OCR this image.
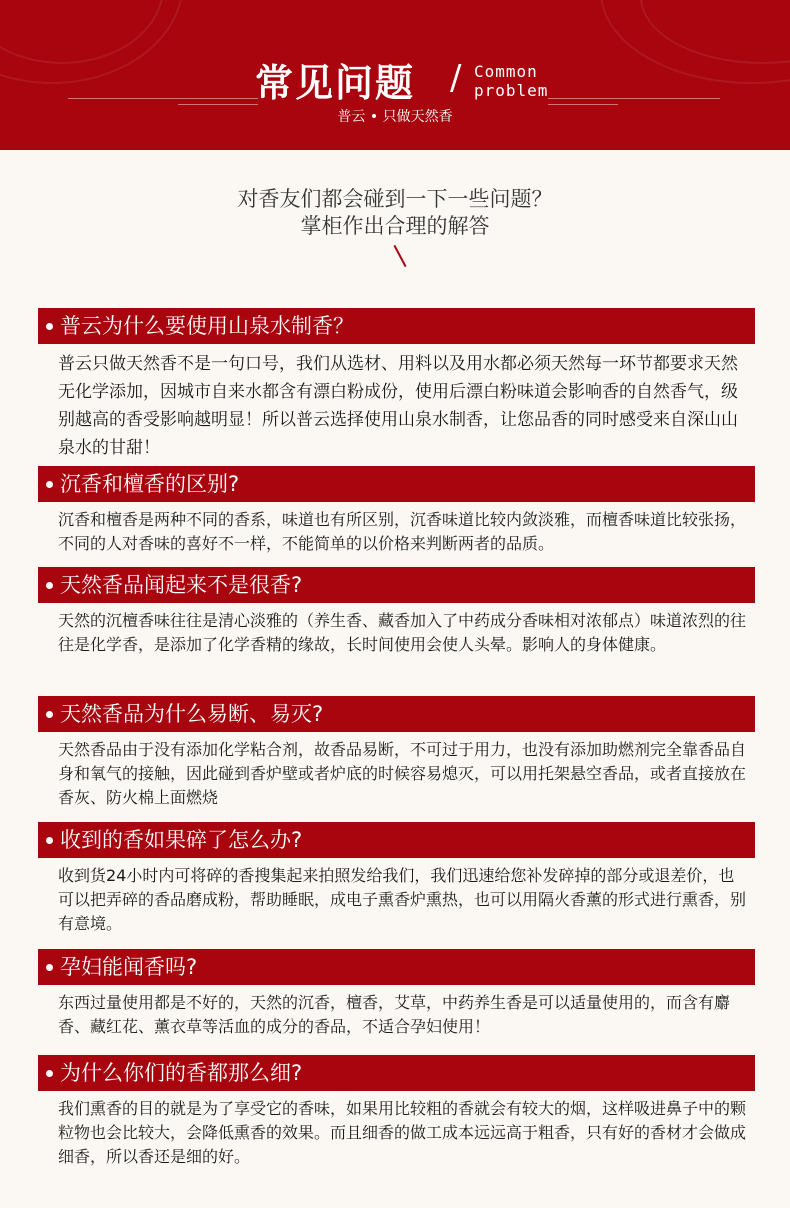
常见问题 / Common
problem
普云 • 只做天然香
对香友们都会碰到一下一些问题？
掌柜作出合理的解答
普云为什么要使用山泉水制香？
普云只做天然香不是一句口号，我们从选材、用料以及用水都必须天然每一环节都要求天然无化学添加，因城市自来水都含有漂白粉成份，使用后漂白粉味道会影响香的自然香气，级别越高的香受影响越明显！所以普云选择使用山泉水制香，让您品香的同时感受来自深山山泉水的甘甜！
沉香和檀香的区别?
沉香和檀香是两种不同的香系，味道也有所区别，沉香味道比较内敛淡雅，而檀香味道比较张扬，不同的人对香味的喜好不一样，不能简单的以价格来判断两者的品质。
天然香品闻起来不是很香?
天然的沉檀香味往往是清心淡雅的（养生香、藏香加入了中药成分香味相对浓郁点）味道浓烈的往往是化学香，是添加了化学香精的缘故，长时间使用会使人头晕。影响人的身体健康。
天然香品为什么易断、易灭?
天然香品由于没有添加化学粘合剂，故香品易断，不可过于用力，也没有添加助燃剂完全靠香品自身和氧气的接触，因此碰到香炉壁或者炉底的时候容易熄灭，可以用托架悬空香品，或者直接放在香灰、防火棉上面燃烧
收到的香如果碎了怎么办?
收到货24小时内可将碎的香搜集起来拍照发给我们，我们迅速给您补发碎掉的部分或退差价，也可以把弄碎的香品磨成粉，帮助睡眠，成电子熏香炉熏热，也可以用隔火香薰的形式进行熏香，别有意境。
孕妇能闻香吗?
东西过量使用都是不好的，天然的沉香，檀香，艾草，中药养生香是可以适量使用的，而含有麝香、藏红花、薰衣草等活血的成分的香品，不适合孕妇使用！
为什么你们的香都那么细?
我们熏香的目的就是为了享受它的香味，如果用比较粗的香就会有较大的烟，这样吸进鼻子中的颗粒物也会比较大，会降低熏香的效果。而且细香的做工成本远远高于粗香，只有好的香材才会做成细香，所以香还是细的好。
